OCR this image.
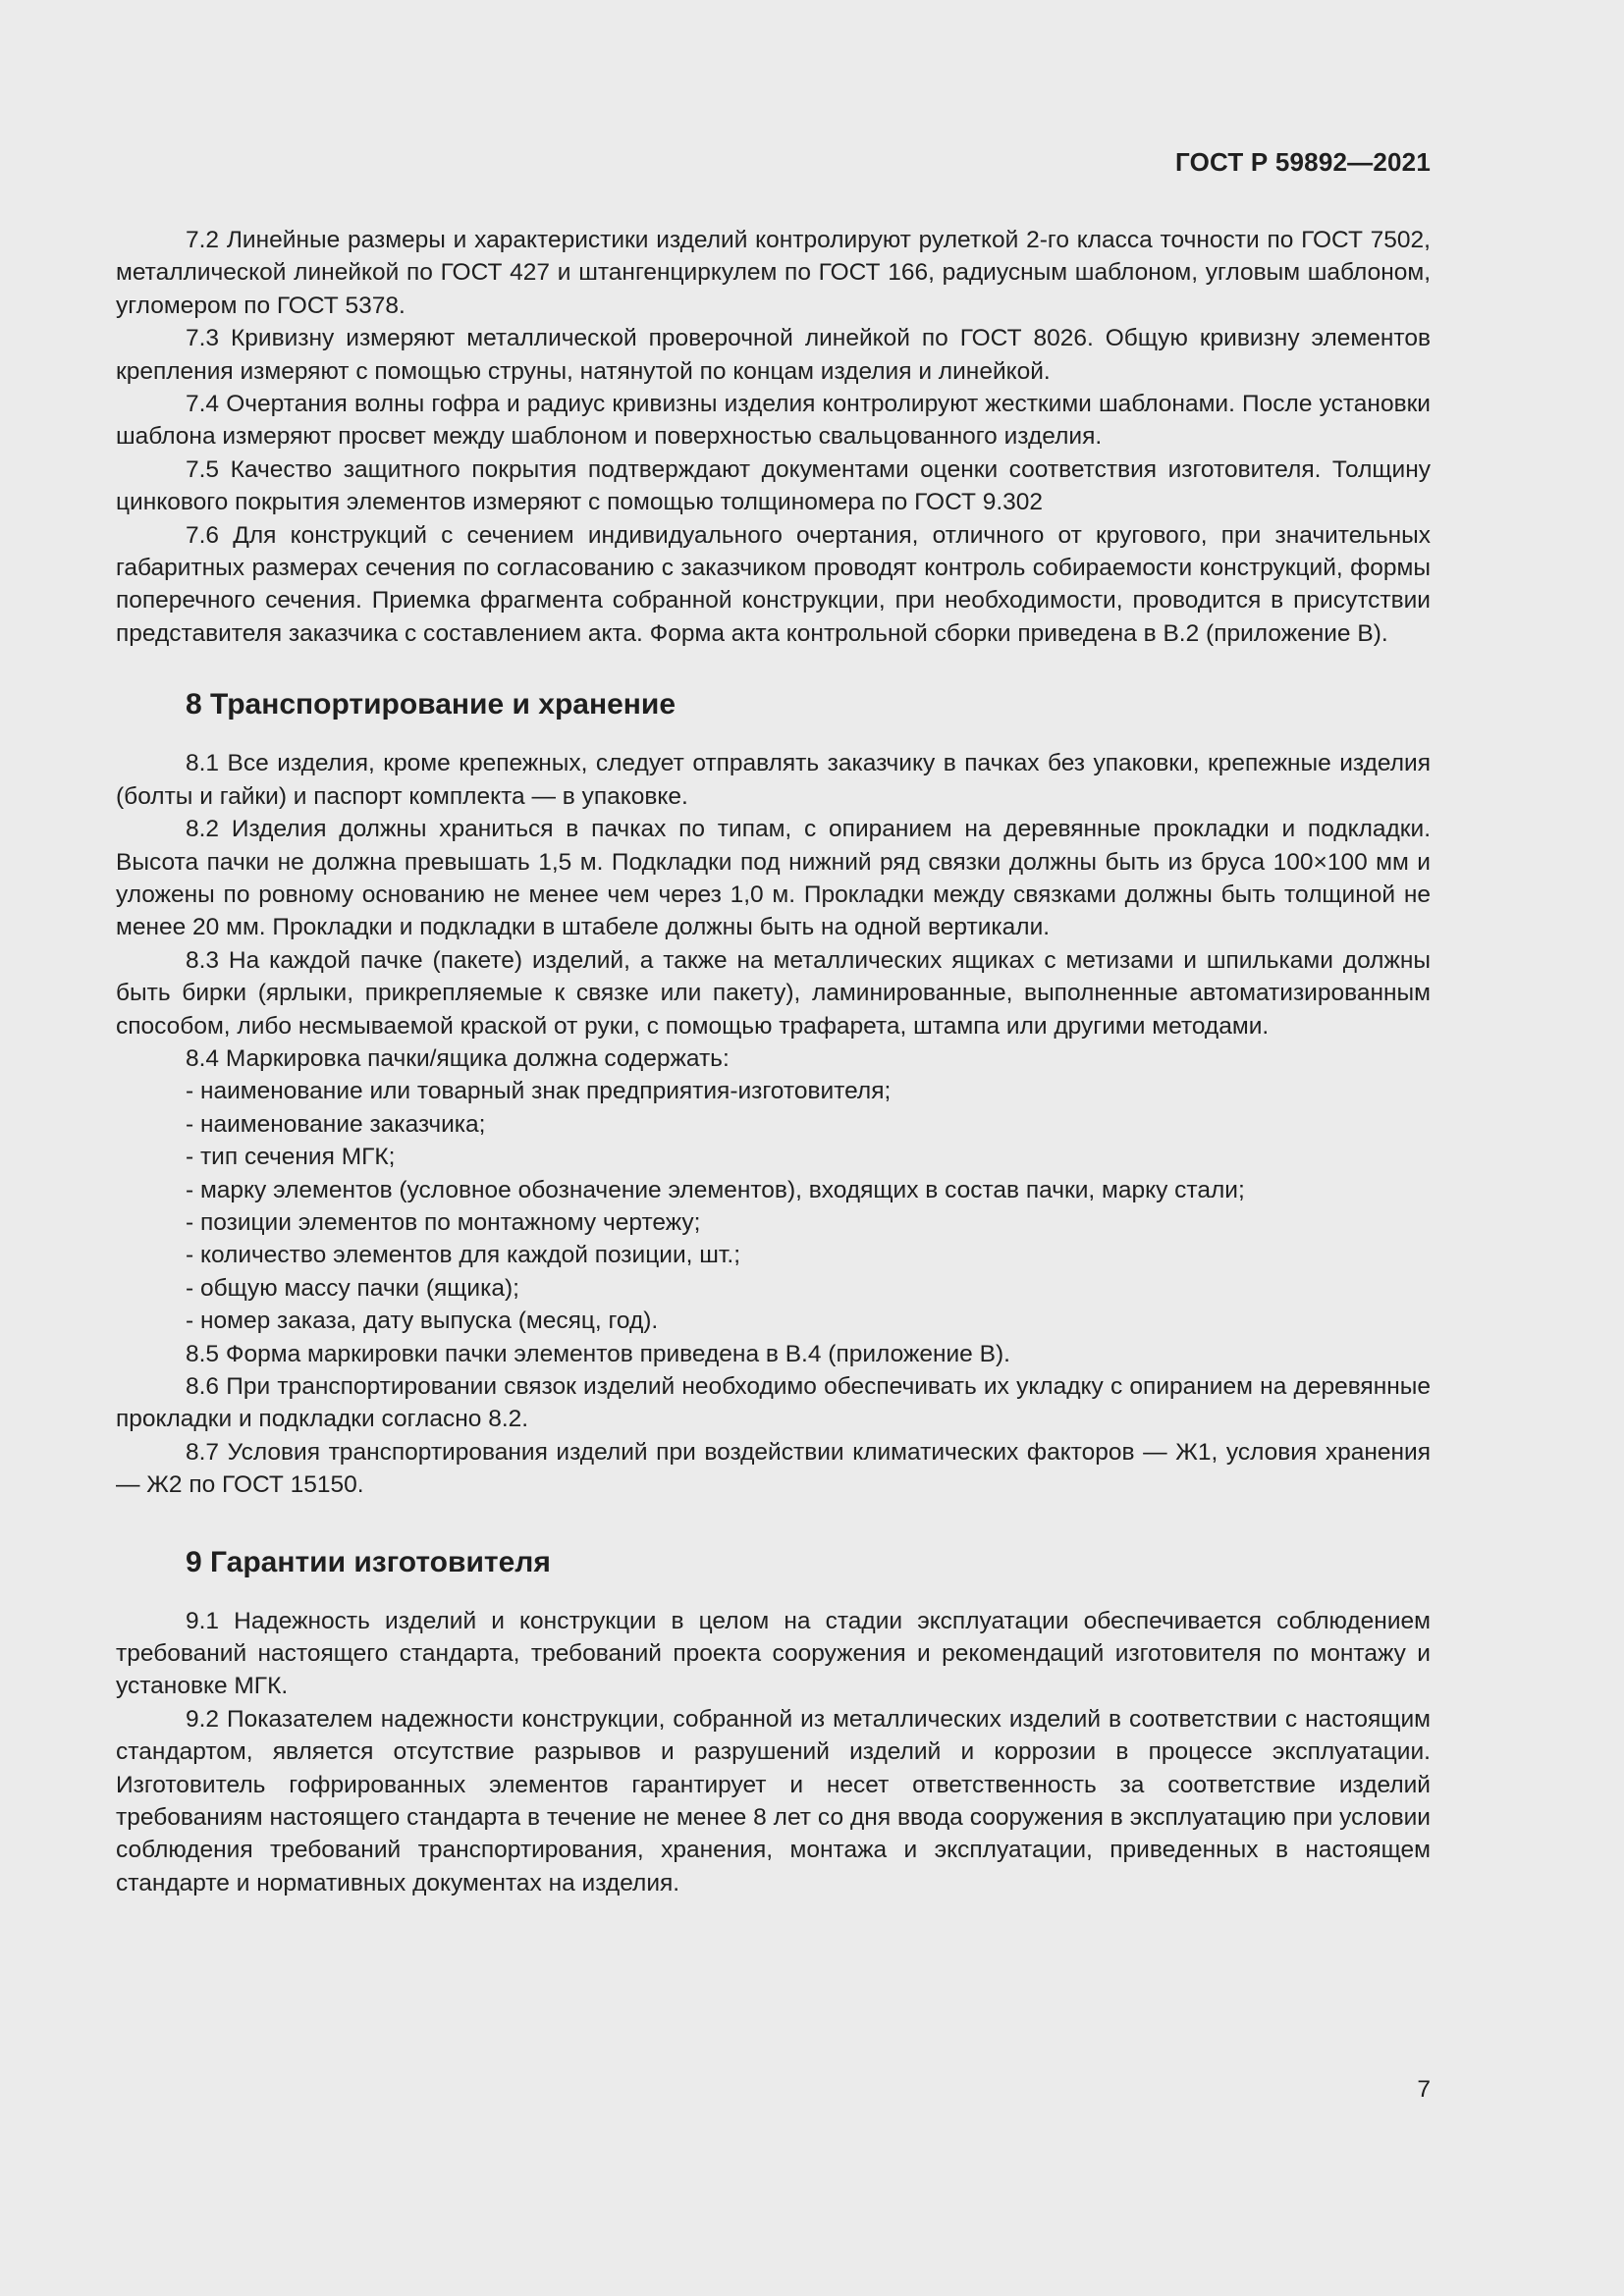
ГОСТ Р 59892—2021

7.2 Линейные размеры и характеристики изделий контролируют рулеткой 2-го класса точности по ГОСТ 7502, металлической линейкой по ГОСТ 427 и штангенциркулем по ГОСТ 166, радиусным шаблоном, угловым шаблоном, угломером по ГОСТ 5378.

7.3 Кривизну измеряют металлической проверочной линейкой по ГОСТ 8026. Общую кривизну элементов крепления измеряют с помощью струны, натянутой по концам изделия и линейкой.

7.4 Очертания волны гофра и радиус кривизны изделия контролируют жесткими шаблонами. После установки шаблона измеряют просвет между шаблоном и поверхностью свальцованного изделия.

7.5 Качество защитного покрытия подтверждают документами оценки соответствия изготовителя. Толщину цинкового покрытия элементов измеряют с помощью толщиномера по ГОСТ 9.302

7.6 Для конструкций с сечением индивидуального очертания, отличного от кругового, при значительных габаритных размерах сечения по согласованию с заказчиком проводят контроль собираемости конструкций, формы поперечного сечения. Приемка фрагмента собранной конструкции, при необходимости, проводится в присутствии представителя заказчика с составлением акта. Форма акта контрольной сборки приведена в В.2 (приложение В).

8 Транспортирование и хранение

8.1 Все изделия, кроме крепежных, следует отправлять заказчику в пачках без упаковки, крепежные изделия (болты и гайки) и паспорт комплекта — в упаковке.

8.2 Изделия должны храниться в пачках по типам, с опиранием на деревянные прокладки и подкладки. Высота пачки не должна превышать 1,5 м. Подкладки под нижний ряд связки должны быть из бруса 100×100 мм и уложены по ровному основанию не менее чем через 1,0 м. Прокладки между связками должны быть толщиной не менее 20 мм. Прокладки и подкладки в штабеле должны быть на одной вертикали.

8.3 На каждой пачке (пакете) изделий, а также на металлических ящиках с метизами и шпильками должны быть бирки (ярлыки, прикрепляемые к связке или пакету), ламинированные, выполненные автоматизированным способом, либо несмываемой краской от руки, с помощью трафарета, штампа или другими методами.

8.4 Маркировка пачки/ящика должна содержать:

- наименование или товарный знак предприятия-изготовителя;

- наименование заказчика;

- тип сечения МГК;

- марку элементов (условное обозначение элементов), входящих в состав пачки, марку стали;

- позиции элементов по монтажному чертежу;

- количество элементов для каждой позиции, шт.;

- общую массу пачки (ящика);

- номер заказа, дату выпуска (месяц, год).

8.5 Форма маркировки пачки элементов приведена в В.4 (приложение В).

8.6 При транспортировании связок изделий необходимо обеспечивать их укладку с опиранием на деревянные прокладки и подкладки согласно 8.2.

8.7 Условия транспортирования изделий при воздействии климатических факторов — Ж1, условия хранения — Ж2 по ГОСТ 15150.

9 Гарантии изготовителя

9.1 Надежность изделий и конструкции в целом на стадии эксплуатации обеспечивается соблюдением требований настоящего стандарта, требований проекта сооружения и рекомендаций изготовителя по монтажу и установке МГК.

9.2 Показателем надежности конструкции, собранной из металлических изделий в соответствии с настоящим стандартом, является отсутствие разрывов и разрушений изделий и коррозии в процессе эксплуатации. Изготовитель гофрированных элементов гарантирует и несет ответственность за соответствие изделий требованиям настоящего стандарта в течение не менее 8 лет со дня ввода сооружения в эксплуатацию при условии соблюдения требований транспортирования, хранения, монтажа и эксплуатации, приведенных в настоящем стандарте и нормативных документах на изделия.

7
